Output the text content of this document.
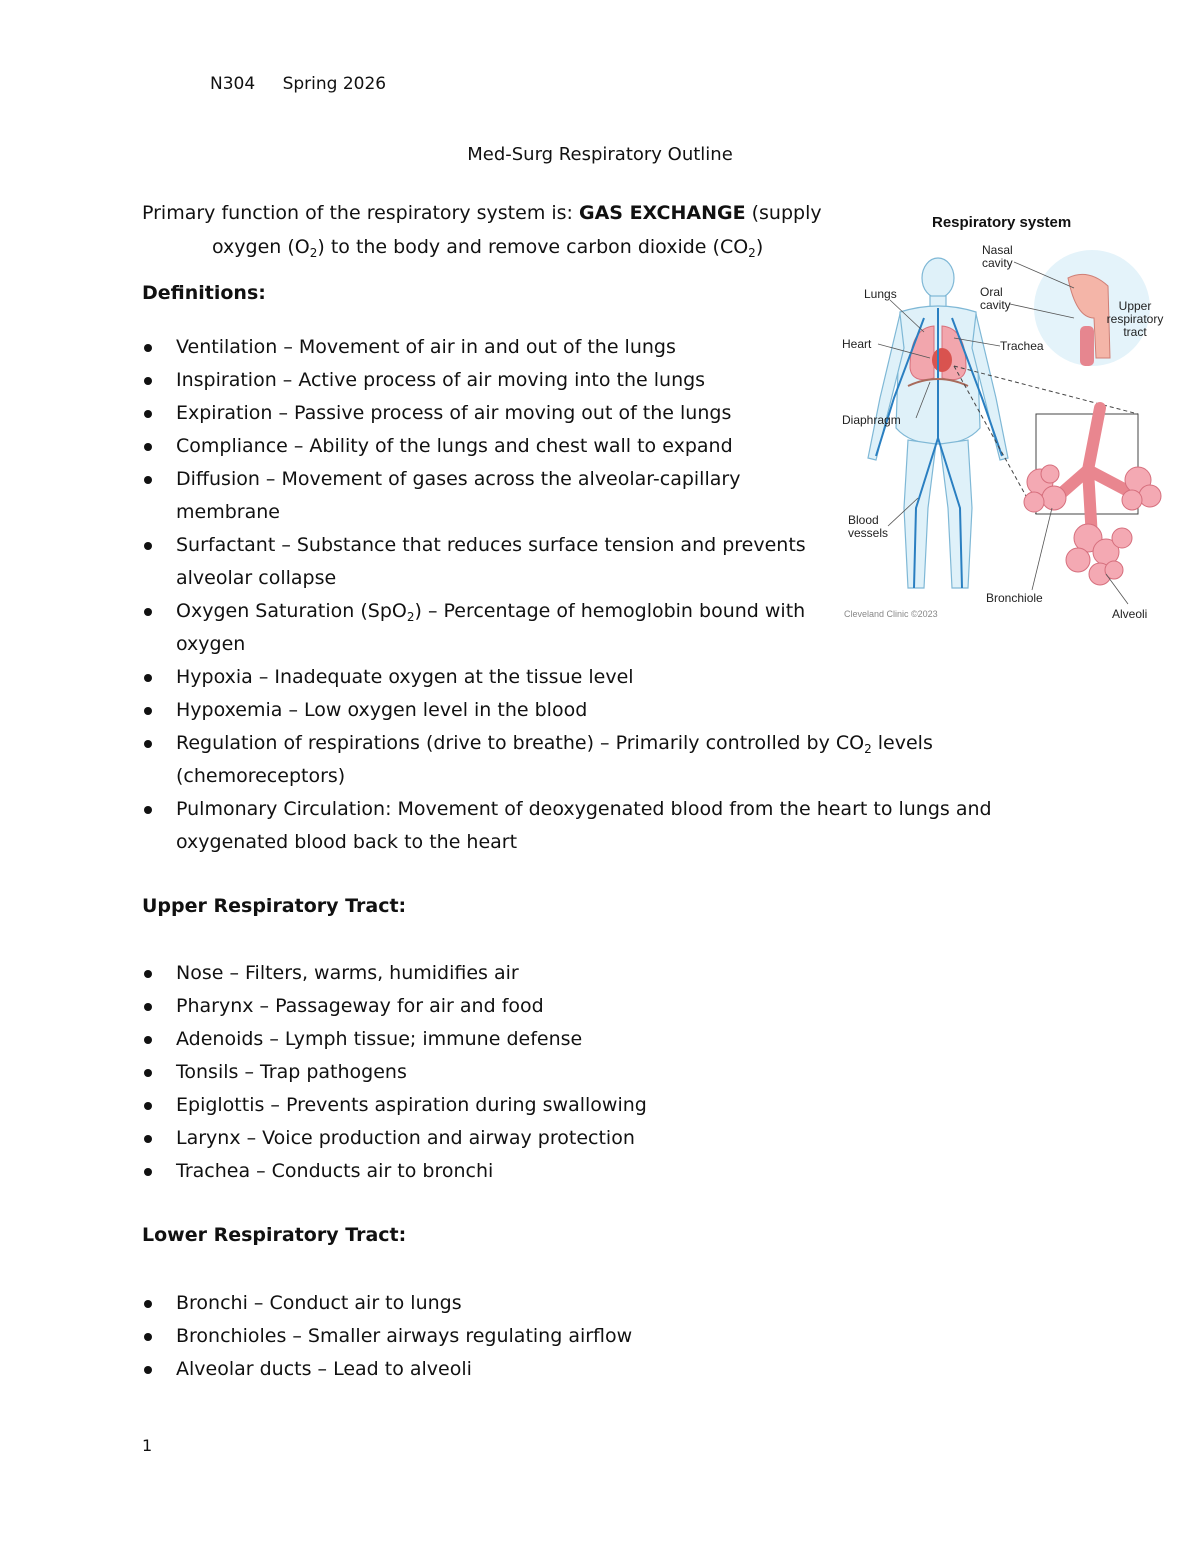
N304 Spring 2026
Med-Surg Respiratory Outline
Primary function of the respiratory system is: GAS EXCHANGE (supply
oxygen $(O_2)$ to the body and remove carbon dioxide $(CO_2)$
Definitions:
Ventilation – Movement of air in and out of the lungs
Inspiration – Active process of air moving into the lungs
Expiration – Passive process of air moving out of the lungs
Compliance – Ability of the lungs and chest wall to expand
Diffusion – Movement of gases across the alveolar-capillary membrane
Surfactant – Substance that reduces surface tension and prevents alveolar collapse
Oxygen Saturation (SpO$_2$) – Percentage of hemoglobin bound with oxygen
Hypoxia – Inadequate oxygen at the tissue level
Hypoxemia – Low oxygen level in the blood
Regulation of respirations (drive to breathe) – Primarily controlled by $CO_2$ levels (chemoreceptors)
Pulmonary Circulation: Movement of deoxygenated blood from the heart to lungs and oxygenated blood back to the heart
Upper Respiratory Tract:
Nose – Filters, warms, humidifies air
Pharynx – Passageway for air and food
Adenoids – Lymph tissue; immune defense
Tonsils – Trap pathogens
Epiglottis – Prevents aspiration during swallowing
Larynx – Voice production and airway protection
Trachea – Conducts air to bronchi
Lower Respiratory Tract:
Bronchi – Conduct air to lungs
Bronchioles – Smaller airways regulating airflow
Alveolar ducts – Lead to alveoli
1
Respiratory system
Nasal cavity
Oral cavity
Lungs
Heart	Trachea
Upper respiratory tract
Diaphragm
Blood vessels
Bronchiole
Alveoli
Cleveland Clinic ©2023
